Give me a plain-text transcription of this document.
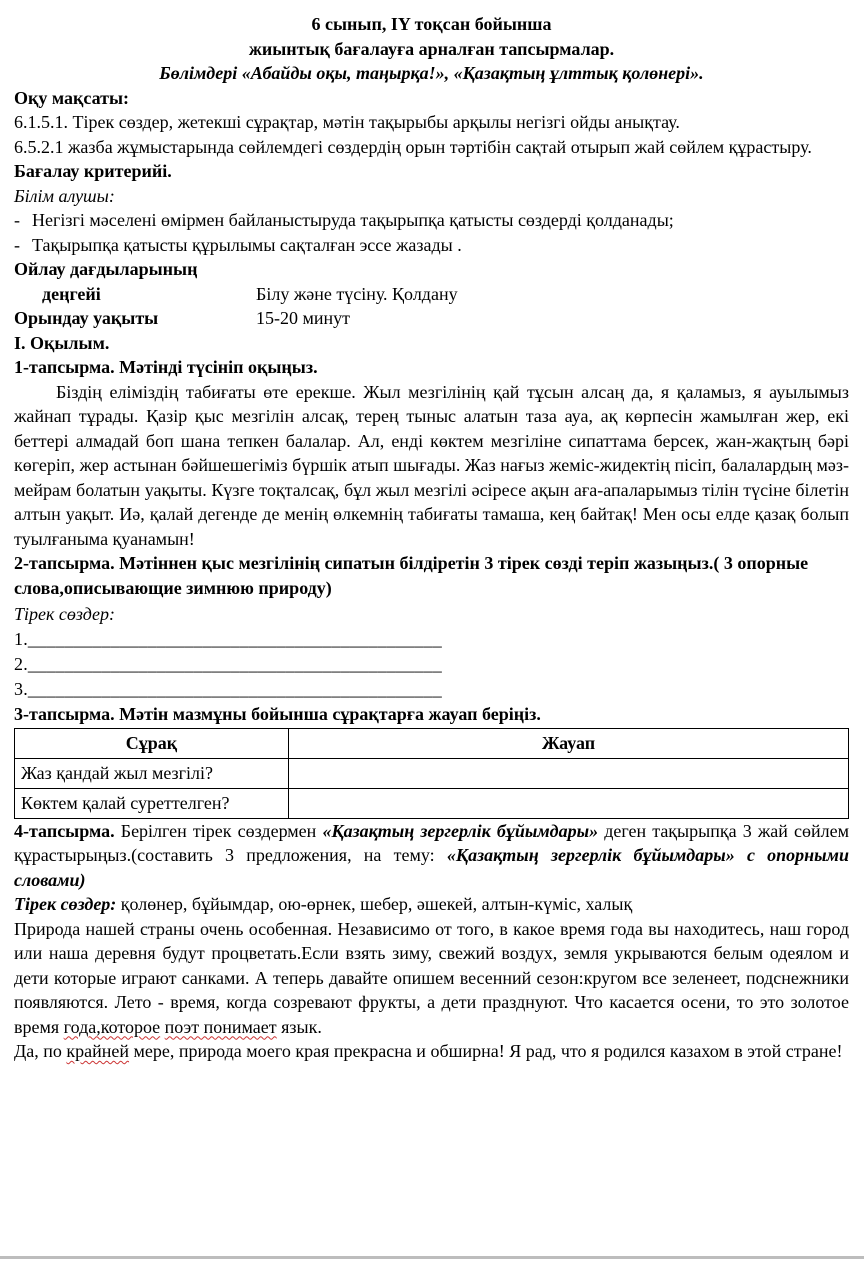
6 сынып, IY тоқсан бойынша
жиынтық бағалауға арналған тапсырмалар.
Бөлімдері «Абайды оқы, таңырқа!», «Қазақтың ұлттық қолөнері».
Оқу мақсаты:
6.1.5.1. Тірек сөздер, жетекші сұрақтар, мәтін тақырыбы арқылы негізгі ойды анықтау.
6.5.2.1 жазба жұмыстарында сөйлемдегі сөздердің орын тәртібін сақтай отырып жай сөйлем құрастыру.
Бағалау критерийі.
Білім алушы:
- Негізгі мәселені өмірмен байланыстыруда тақырыпқа қатысты сөздерді қолданады;
- Тақырыпқа қатысты құрылымы сақталған эссе жазады .
Ойлау дағдыларының
деңгейі	Білу және түсіну. Қолдану
Орындау уақыты	15-20 минут
I. Оқылым.
1-тапсырма. Мәтінді түсініп оқыңыз.

Біздің еліміздің табиғаты өте ерекше. Жыл мезгілінің қай тұсын алсаң да, я қаламыз, я ауылымыз жайнап тұрады. Қазір қыс мезгілін алсақ, терең тыныс алатын таза ауа, ақ көрпесін жамылған жер, екі беттері алмадай боп шана тепкен балалар. Ал, енді көктем мезгіліне сипаттама берсек, жан-жақтың бәрі көгеріп, жер астынан бәйшешегіміз бүршік атып шығады. Жаз нағыз жеміс-жидектің пісіп, балалардың мәз-мейрам болатын уақыты. Күзге тоқталсақ, бұл жыл мезгілі әсіресе ақын аға-апаларымыз тілін түсіне білетін алтын уақыт. Иә, қалай дегенде де менің өлкемнің табиғаты тамаша, кең байтақ! Мен осы елде қазақ болып туылғаныма қуанамын!

2-тапсырма. Мәтіннен қыс мезгілінің сипатын білдіретін 3 тірек сөзді теріп жазыңыз.( 3 опорные слова,описывающие зимнюю природу)
Тірек сөздер:
1._____________________________________________
2._____________________________________________
3._____________________________________________
3-тапсырма. Мәтін мазмұны бойынша сұрақтарға жауап беріңіз.
Сұрақ	Жауап
Жаз қандай жыл мезгілі?	
Көктем қалай суреттелген?	

4-тапсырма. Берілген тірек сөздермен «Қазақтың зергерлік бұйымдары» деген тақырыпқа 3 жай сөйлем құрастырыңыз.(составить 3 предложения, на тему: «Қазақтың зергерлік бұйымдары» с опорными словами)

Тірек сөздер: қолөнер, бұйымдар, ою-өрнек, шебер, әшекей, алтын-күміс, халық

Природа нашей страны очень особенная. Независимо от того, в какое время года вы находитесь, наш город или наша деревня будут процветать.Если взять зиму, свежий воздух, земля укрываются белым одеялом и дети которые играют санками. А теперь давайте опишем весенний сезон:кругом все зеленеет, подснежники появляются. Лето - время, когда созревают фрукты, а дети празднуют. Что касается осени, то это золотое время года,которое поэт понимает язык.

Да, по крайней мере, природа моего края прекрасна и обширна! Я рад, что я родился казахом в этой стране!
